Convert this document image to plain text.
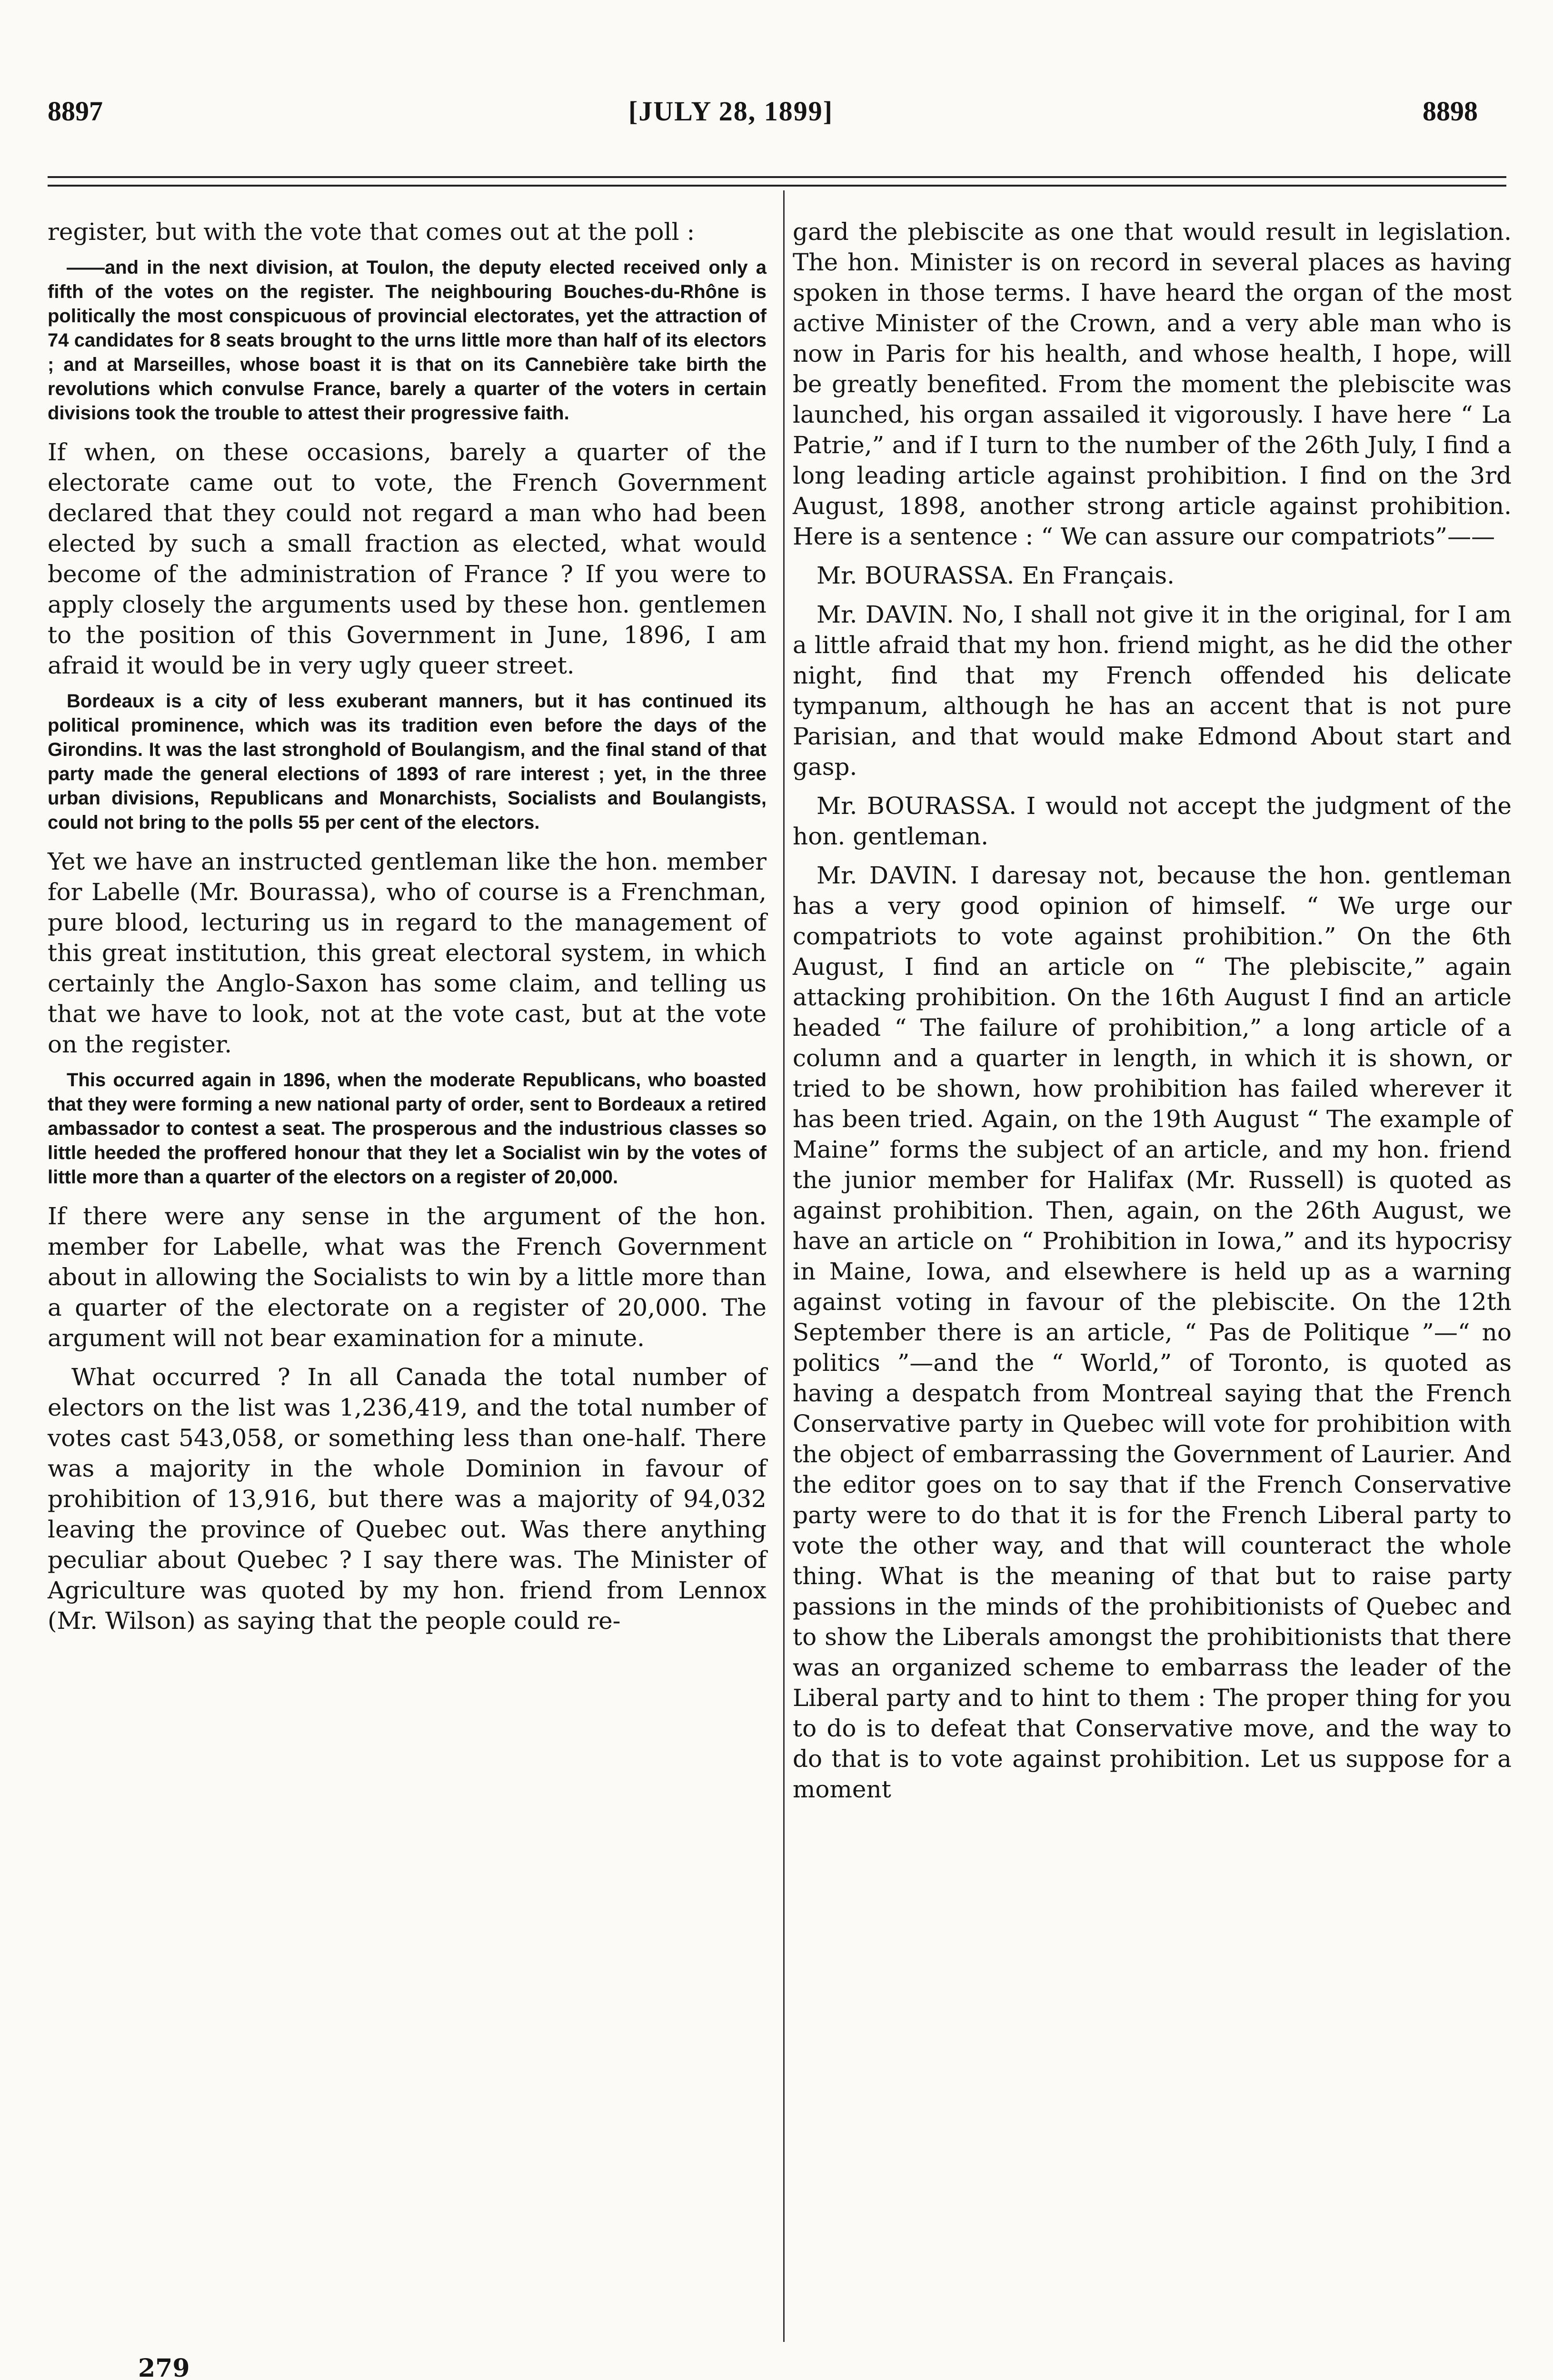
8897	[JULY 28, 1899]	8898

register, but with the vote that comes out at the poll :

——and in the next division, at Toulon, the deputy elected received only a fifth of the votes on the register. The neighbouring Bouches-du-Rhône is politically the most conspicuous of provincial electorates, yet the attraction of 74 candidates for 8 seats brought to the urns little more than half of its electors ; and at Marseilles, whose boast it is that on its Cannebière take birth the revolutions which convulse France, barely a quarter of the voters in certain divisions took the trouble to attest their progressive faith.

If when, on these occasions, barely a quarter of the electorate came out to vote, the French Government declared that they could not regard a man who had been elected by such a small fraction as elected, what would become of the administration of France ? If you were to apply closely the arguments used by these hon. gentlemen to the position of this Government in June, 1896, I am afraid it would be in very ugly queer street.

Bordeaux is a city of less exuberant manners, but it has continued its political prominence, which was its tradition even before the days of the Girondins. It was the last stronghold of Boulangism, and the final stand of that party made the general elections of 1893 of rare interest ; yet, in the three urban divisions, Republicans and Monarchists, Socialists and Boulangists, could not bring to the polls 55 per cent of the electors.

Yet we have an instructed gentleman like the hon. member for Labelle (Mr. Bourassa), who of course is a Frenchman, pure blood, lecturing us in regard to the management of this great institution, this great electoral system, in which certainly the Anglo-Saxon has some claim, and telling us that we have to look, not at the vote cast, but at the vote on the register.

This occurred again in 1896, when the moderate Republicans, who boasted that they were forming a new national party of order, sent to Bordeaux a retired ambassador to contest a seat. The prosperous and the industrious classes so little heeded the proffered honour that they let a Socialist win by the votes of little more than a quarter of the electors on a register of 20,000.

If there were any sense in the argument of the hon. member for Labelle, what was the French Government about in allowing the Socialists to win by a little more than a quarter of the electorate on a register of 20,000. The argument will not bear examination for a minute.

What occurred ? In all Canada the total number of electors on the list was 1,236,419, and the total number of votes cast 543,058, or something less than one-half. There was a majority in the whole Dominion in favour of prohibition of 13,916, but there was a majority of 94,032 leaving the province of Quebec out. Was there anything peculiar about Quebec ? I say there was. The Minister of Agriculture was quoted by my hon. friend from Lennox (Mr. Wilson) as saying that the people could re-

gard the plebiscite as one that would result in legislation. The hon. Minister is on record in several places as having spoken in those terms. I have heard the organ of the most active Minister of the Crown, and a very able man who is now in Paris for his health, and whose health, I hope, will be greatly benefited. From the moment the plebiscite was launched, his organ assailed it vigorously. I have here “ La Patrie,” and if I turn to the number of the 26th July, I find a long leading article against prohibition. I find on the 3rd August, 1898, another strong article against prohibition. Here is a sentence : “ We can assure our compatriots”——

Mr. BOURASSA. En Français.

Mr. DAVIN. No, I shall not give it in the original, for I am a little afraid that my hon. friend might, as he did the other night, find that my French offended his delicate tympanum, although he has an accent that is not pure Parisian, and that would make Edmond About start and gasp.

Mr. BOURASSA. I would not accept the judgment of the hon. gentleman.

Mr. DAVIN. I daresay not, because the hon. gentleman has a very good opinion of himself. “ We urge our compatriots to vote against prohibition.” On the 6th August, I find an article on “ The plebiscite,” again attacking prohibition. On the 16th August I find an article headed “ The failure of prohibition,” a long article of a column and a quarter in length, in which it is shown, or tried to be shown, how prohibition has failed wherever it has been tried. Again, on the 19th August “ The example of Maine” forms the subject of an article, and my hon. friend the junior member for Halifax (Mr. Russell) is quoted as against prohibition. Then, again, on the 26th August, we have an article on “ Prohibition in Iowa,” and its hypocrisy in Maine, Iowa, and elsewhere is held up as a warning against voting in favour of the plebiscite. On the 12th September there is an article, “ Pas de Politique ”—“ no politics ”—and the “ World,” of Toronto, is quoted as having a despatch from Montreal saying that the French Conservative party in Quebec will vote for prohibition with the object of embarrassing the Government of Laurier. And the editor goes on to say that if the French Conservative party were to do that it is for the French Liberal party to vote the other way, and that will counteract the whole thing. What is the meaning of that but to raise party passions in the minds of the prohibitionists of Quebec and to show the Liberals amongst the prohibitionists that there was an organized scheme to embarrass the leader of the Liberal party and to hint to them : The proper thing for you to do is to defeat that Conservative move, and the way to do that is to vote against prohibition. Let us suppose for a moment

279
